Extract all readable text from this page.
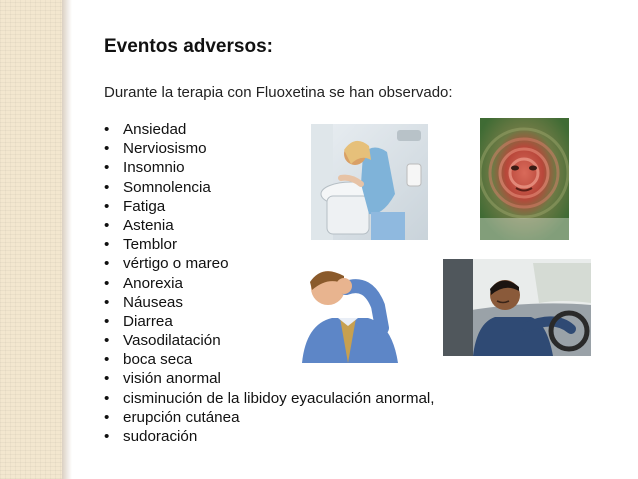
Eventos adversos:

Durante la terapia con Fluoxetina se han observado:

• Ansiedad
• Nerviosismo
• Insomnio
• Somnolencia
• Fatiga
• Astenia
• Temblor
• vértigo o mareo
• Anorexia
• Náuseas
• Diarrea
• Vasodilatación
• boca seca
• visión anormal
• cisminución de la libidoy eyaculación anormal,
• erupción cutánea
• sudoración
